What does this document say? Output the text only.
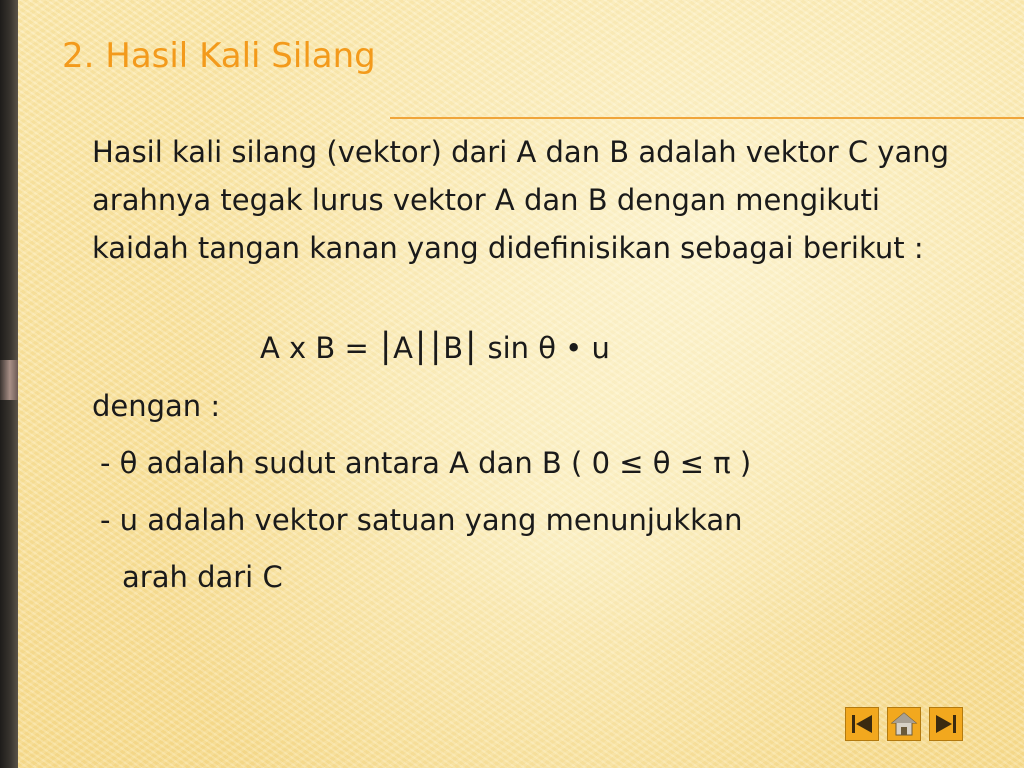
2. Hasil Kali Silang

Hasil kali silang (vektor) dari A dan B adalah vektor C yang arahnya tegak lurus vektor A dan B dengan mengikuti kaidah tangan kanan yang didefinisikan sebagai berikut :

A x B = ⎮A⎮⎮B⎮ sin θ • u
dengan :
- θ adalah sudut antara A dan B ( 0 ≤ θ ≤ π )
- u adalah vektor satuan yang menunjukkan
arah dari C
